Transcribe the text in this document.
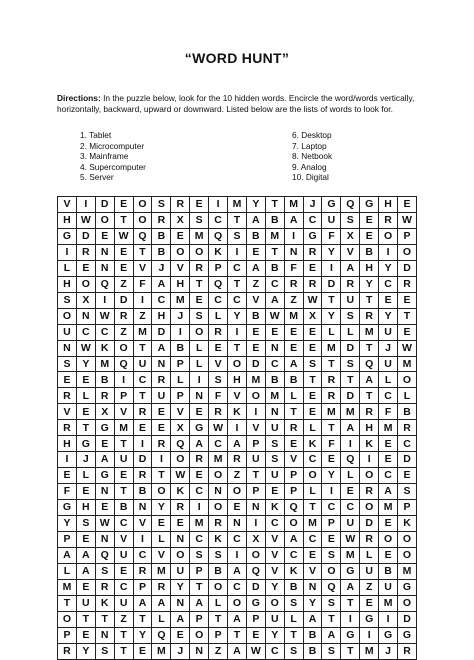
“WORD HUNT”
Directions: In the puzzle below, look for the 10 hidden words. Encircle the word/words vertically, horizontally, backward, upward or downward. Listed below are the lists of words to look for.
1. Tablet
2. Microcomputer
3. Mainframe
4. Supercomputer
5. Server
6. Desktop
7. Laptop
8. Netbook
9. Analog
10. Digital
V	I	D	E	O	S	R	E	I	M	Y	T	M	J	G	Q	G	H	E
H	W	O	T	O	R	X	S	C	T	A	B	A	C	U	S	E	R	W
G	D	E	W	Q	B	E	M	Q	S	B	M	I	G	F	X	E	O	P
I	R	N	E	T	B	O	O	K	I	E	T	N	R	Y	V	B	I	O
L	E	N	E	V	J	V	R	P	C	A	B	F	E	I	A	H	Y	D
H	O	Q	Z	F	A	H	T	Q	T	Z	C	R	R	D	R	Y	C	R
S	X	I	D	I	C	M	E	C	C	V	A	Z	W	T	U	T	E	E
O	N	W	R	Z	H	J	S	L	Y	B	W	M	X	Y	S	R	Y	T
U	C	C	Z	M	D	I	O	R	I	E	E	E	E	L	L	M	U	E
N	W	K	O	T	A	B	L	E	T	E	N	E	E	M	D	T	J	W
S	Y	M	Q	U	N	P	L	V	O	D	C	A	S	T	S	Q	U	M
E	E	B	I	C	R	L	I	S	H	M	B	B	T	R	T	A	L	O
R	L	R	P	T	U	P	N	F	V	O	M	L	E	R	D	T	C	L
V	E	X	V	R	E	V	E	R	K	I	N	T	E	M	M	R	F	B
R	T	G	M	E	E	X	G	W	I	V	U	R	L	T	A	H	M	R
H	G	E	T	I	R	Q	A	C	A	P	S	E	K	F	I	K	E	C
I	J	A	U	D	I	O	R	M	R	U	S	V	C	E	Q	I	E	D
E	L	G	E	R	T	W	E	O	Z	T	U	P	O	Y	L	O	C	E
F	E	N	T	B	O	K	C	N	O	P	E	P	L	I	E	R	A	S
G	H	E	B	N	Y	R	I	O	E	N	K	Q	T	C	C	O	M	P
Y	S	W	C	V	E	E	M	R	N	I	C	O	M	P	U	D	E	K
P	E	N	V	I	L	N	C	K	C	X	V	A	C	E	W	R	O	O
A	A	Q	U	C	V	O	S	S	I	O	V	C	E	S	M	L	E	O
L	A	S	E	R	M	U	P	B	A	Q	V	K	V	O	G	U	B	M
M	E	R	C	P	R	Y	T	O	C	D	Y	B	N	Q	A	Z	U	G
T	U	K	U	A	A	N	A	L	O	G	O	S	Y	S	T	E	M	O
O	T	T	Z	T	L	A	P	T	A	P	U	L	A	T	I	G	I	D
P	E	N	T	Y	Q	E	O	P	T	E	Y	T	B	A	G	I	G	G
R	Y	S	T	E	M	J	N	Z	A	W	C	S	B	S	T	M	J	R
